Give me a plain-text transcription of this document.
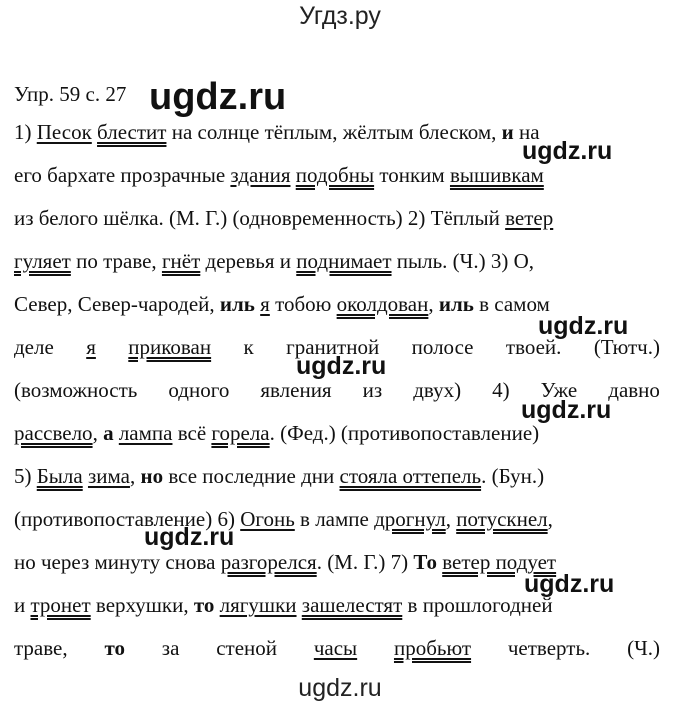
Угдз.ру
ugdz.ru
ugdz.ru
ugdz.ru
ugdz.ru
ugdz.ru
ugdz.ru
ugdz.ru
Упр. 59 с. 27
1) Песок блестит на солнце тёплым, жёлтым блеском, и на
его бархате прозрачные здания подобны тонким вышивкам
из белого шёлка. (М. Г.) (одновременность) 2) Тёплый ветер
гуляет по траве, гнёт деревья и поднимает пыль. (Ч.) 3) О,
Север, Север-чародей, иль я тобою околдован, иль в самом
деле я прикован к гранитной полосе твоей. (Тютч.)
(возможность одного явления из двух) 4) Уже давно
рассвело, а лампа всё горела. (Фед.) (противопоставление)
5) Была зима, но все последние дни стояла оттепель. (Бун.)
(противопоставление) 6) Огонь в лампе дрогнул, потускнел,
но через минуту снова разгорелся. (М. Г.) 7) То ветер подует
и тронет верхушки, то лягушки зашелестят в прошлогодней
траве, то за стеной часы пробьют четверть. (Ч.)
ugdz.ru
